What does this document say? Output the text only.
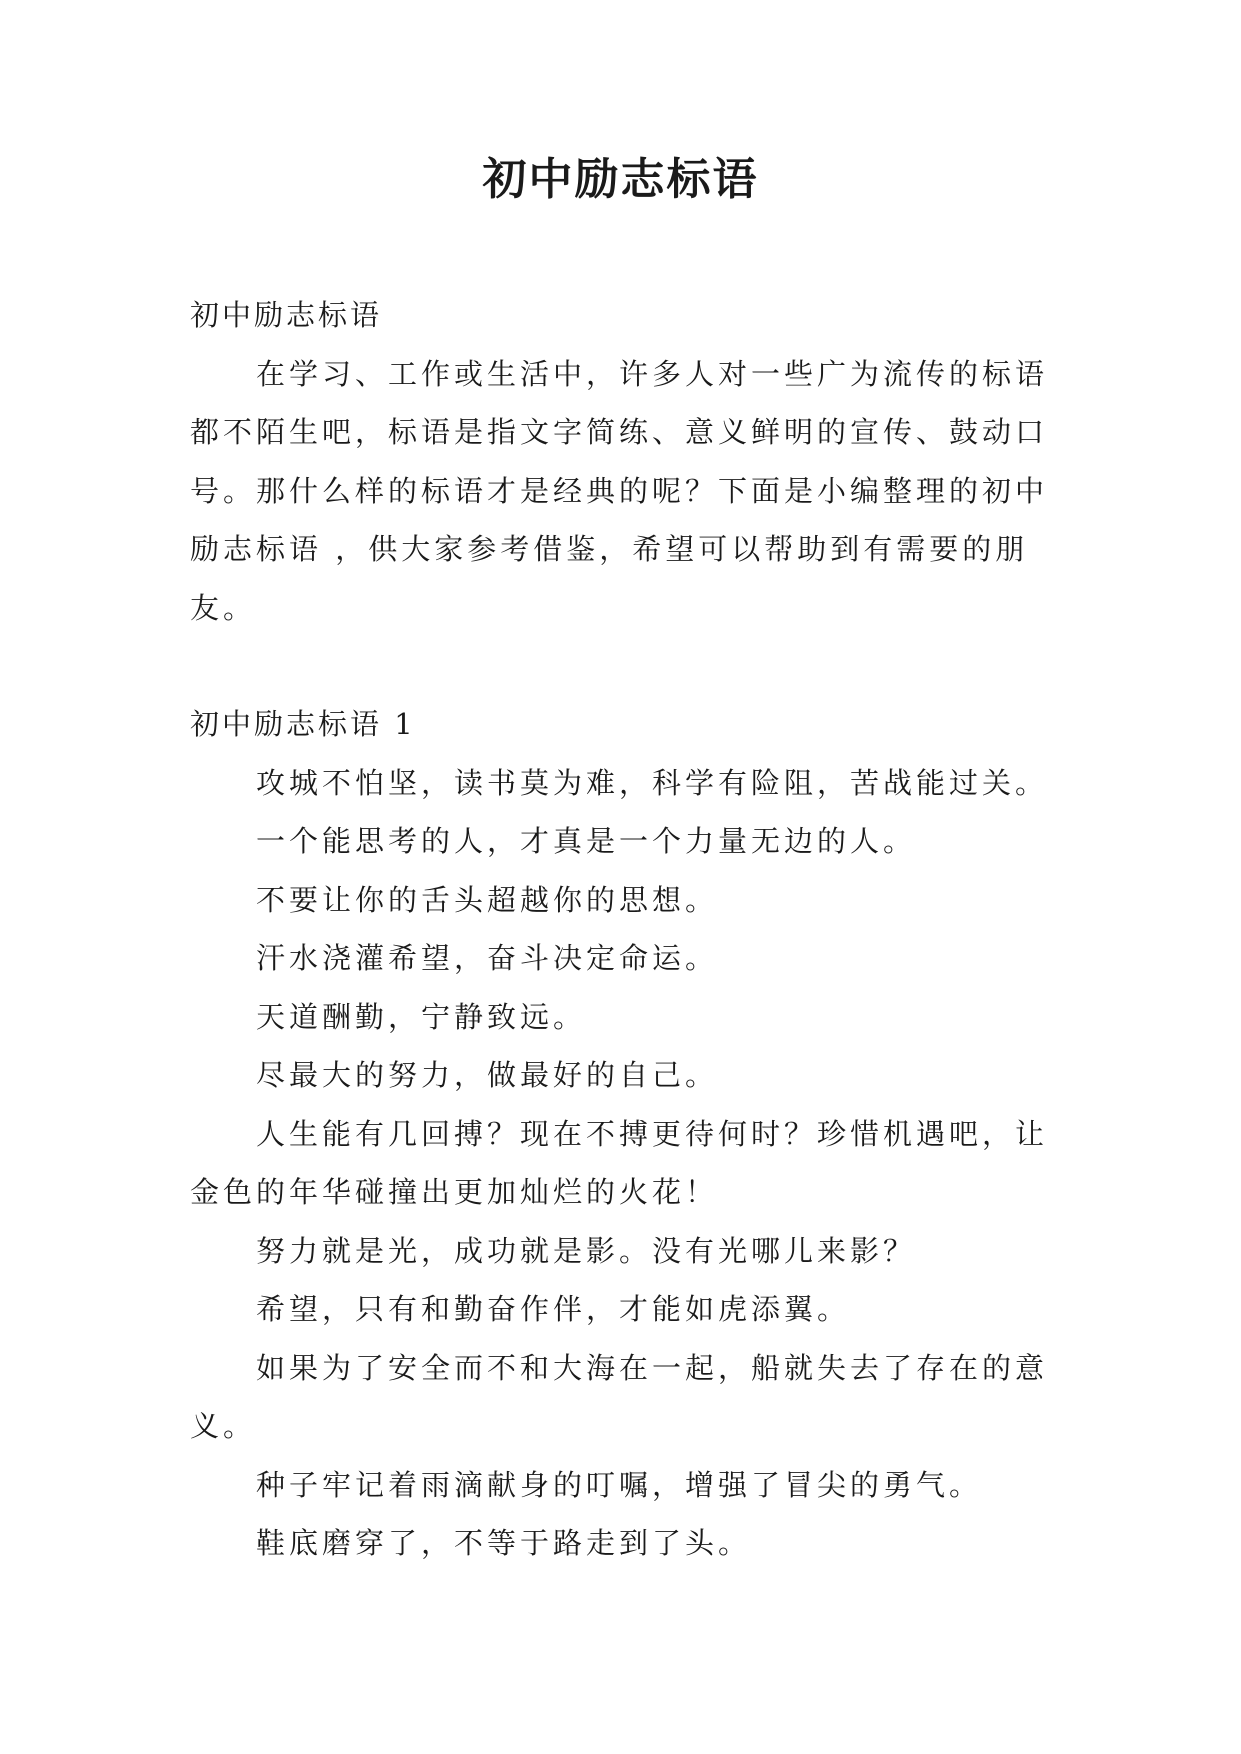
初中励志标语

初中励志标语

在学习、工作或生活中，许多人对一些广为流传的标语都不陌生吧，标语是指文字简练、意义鲜明的宣传、鼓动口号。那什么样的标语才是经典的呢？下面是小编整理的初中励志标语 ，供大家参考借鉴，希望可以帮助到有需要的朋友。

初中励志标语 1

攻城不怕坚，读书莫为难，科学有险阻，苦战能过关。

一个能思考的人，才真是一个力量无边的人。

不要让你的舌头超越你的思想。

汗水浇灌希望，奋斗决定命运。

天道酬勤，宁静致远。

尽最大的努力，做最好的自己。

人生能有几回搏？现在不搏更待何时？珍惜机遇吧，让金色的年华碰撞出更加灿烂的火花！

努力就是光，成功就是影。没有光哪儿来影？

希望，只有和勤奋作伴，才能如虎添翼。

如果为了安全而不和大海在一起，船就失去了存在的意义。

种子牢记着雨滴献身的叮嘱，增强了冒尖的勇气。

鞋底磨穿了，不等于路走到了头。
